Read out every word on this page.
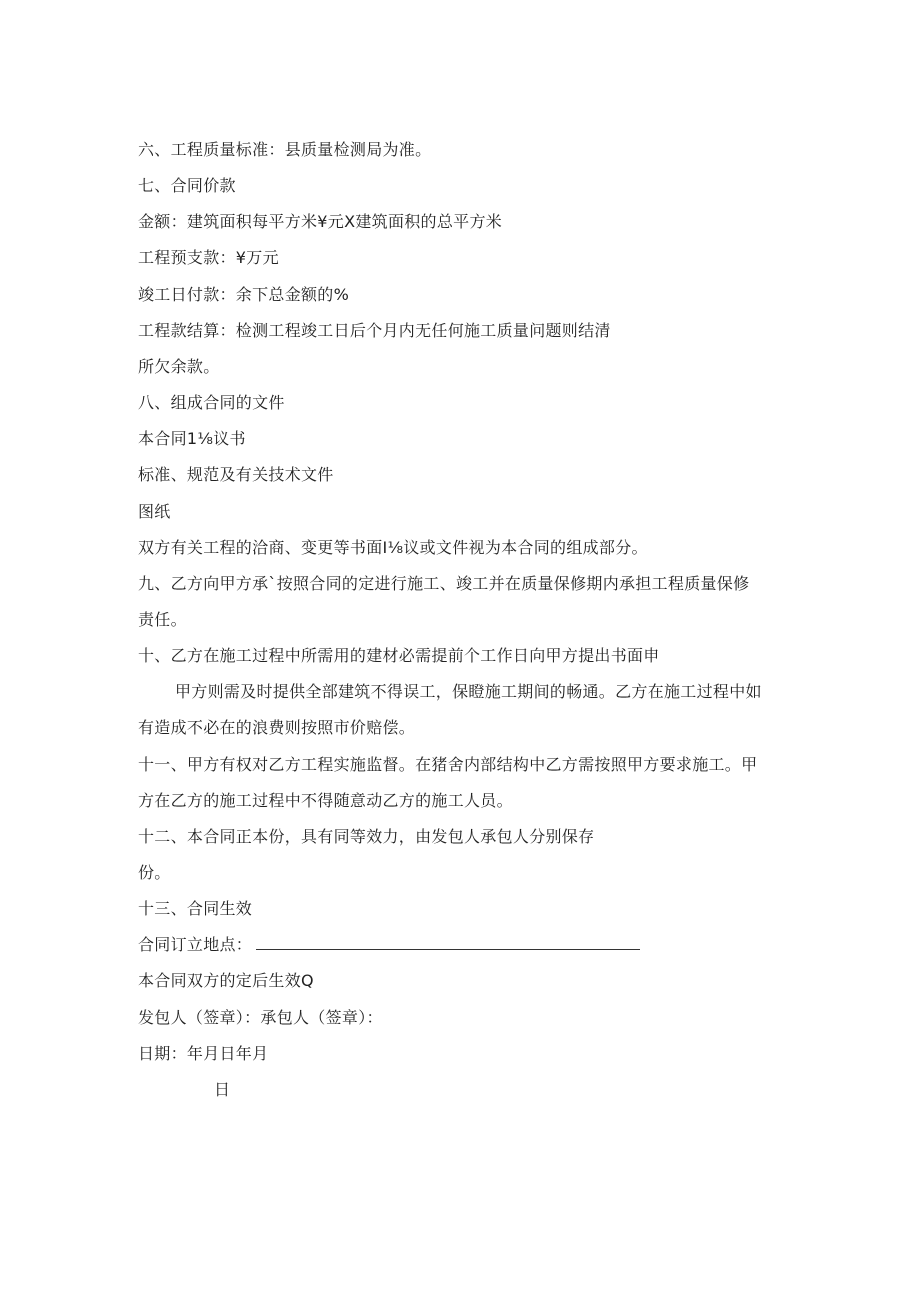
六、工程质量标准：县质量检测局为准。
七、合同价款
金额：建筑面积每平方米¥元X建筑面积的总平方米
工程预支款：¥万元
竣工日付款：余下总金额的%
工程款结算：检测工程竣工日后个月内无任何施工质量问题则结清
所欠余款。
八、组成合同的文件
本合同1⅛议书
标准、规范及有关技术文件
图纸
双方有关工程的洽商、变更等书面I⅛议或文件视为本合同的组成部分。
九、乙方向甲方承`按照合同的定进行施工、竣工并在质量保修期内承担工程质量保修
责任。
十、乙方在施工过程中所需用的建材必需提前个工作日向甲方提出书面申
甲方则需及时提供全部建筑不得误工，保瞪施工期间的畅通。乙方在施工过程中如
有造成不必在的浪费则按照市价赔偿。
十一、甲方有权对乙方工程实施监督。在猪舍内部结构中乙方需按照甲方要求施工。甲
方在乙方的施工过程中不得随意动乙方的施工人员。
十二、本合同正本份，具有同等效力，由发包人承包人分别保存
份。
十三、合同生效
合同订立地点：
本合同双方的定后生效Q
发包人（签章）：承包人（签章）：
日期：年月日年月
日
